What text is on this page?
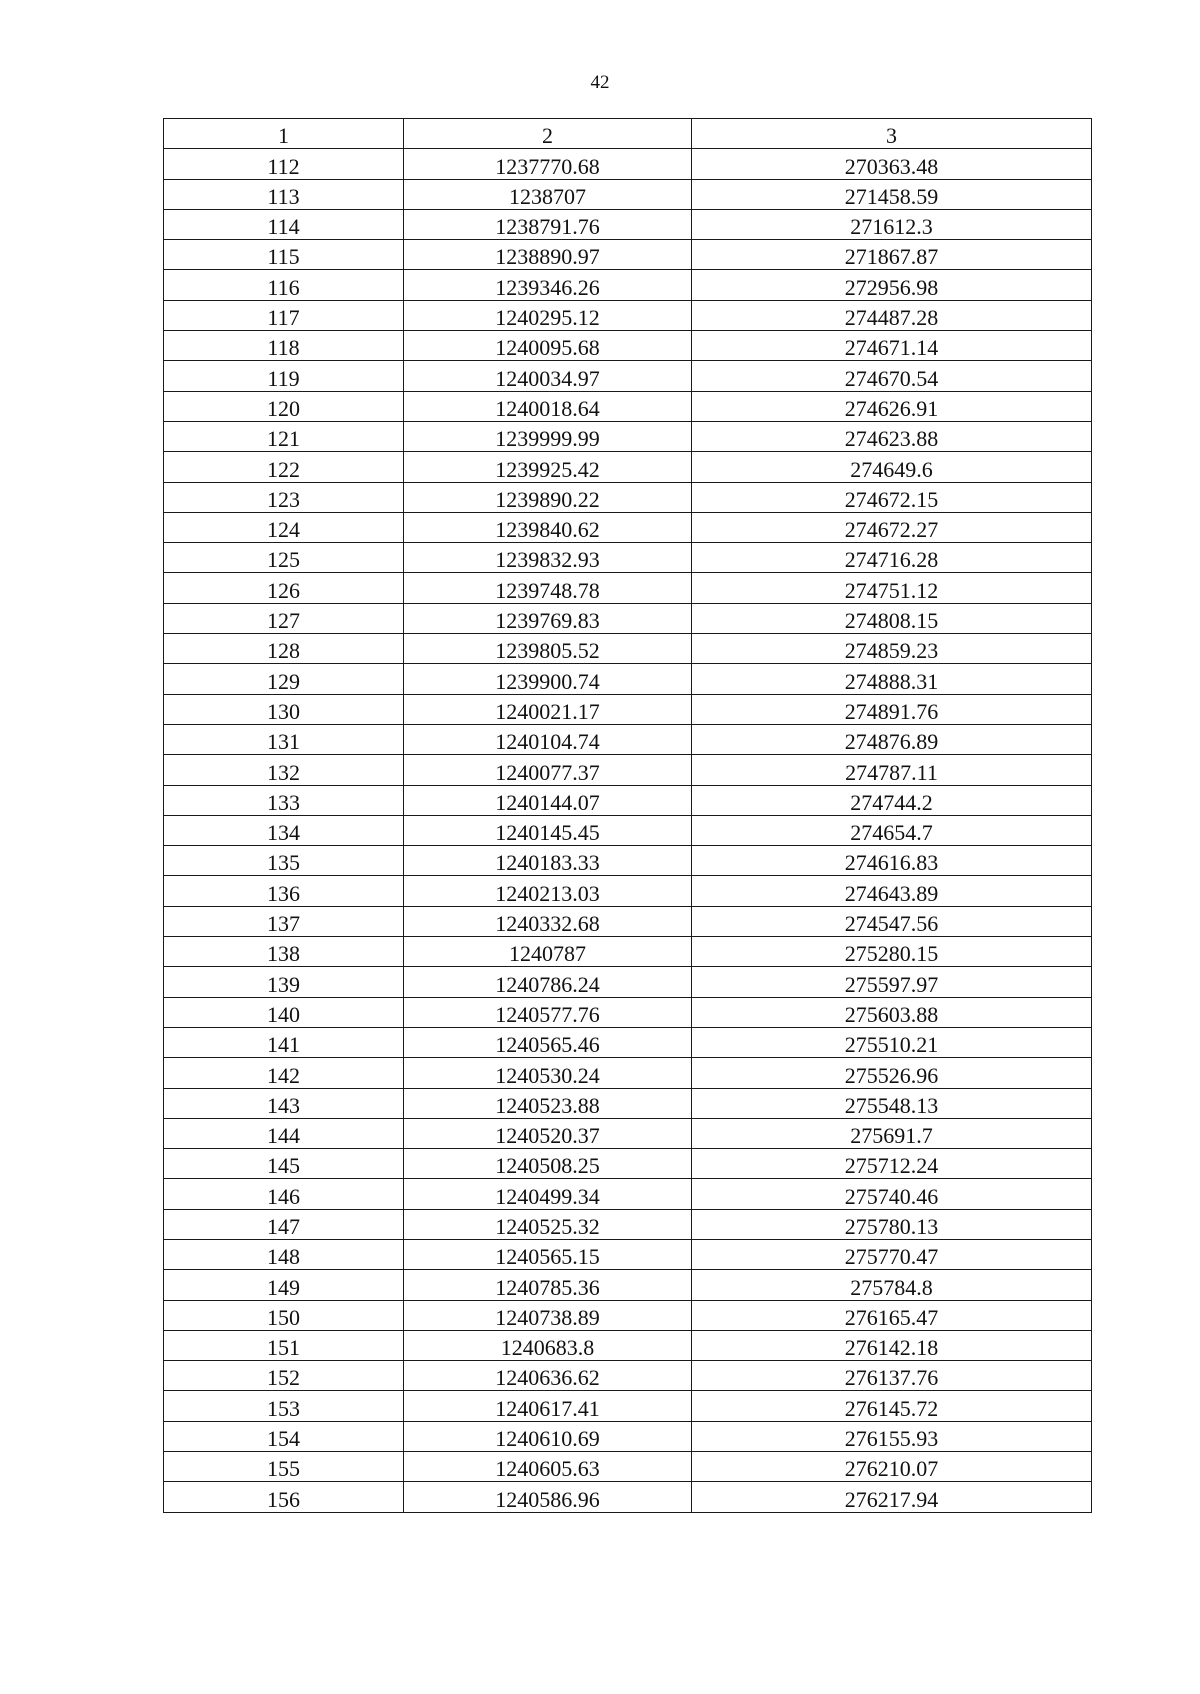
42
1	2	3
112	1237770.68	270363.48
113	1238707	271458.59
114	1238791.76	271612.3
115	1238890.97	271867.87
116	1239346.26	272956.98
117	1240295.12	274487.28
118	1240095.68	274671.14
119	1240034.97	274670.54
120	1240018.64	274626.91
121	1239999.99	274623.88
122	1239925.42	274649.6
123	1239890.22	274672.15
124	1239840.62	274672.27
125	1239832.93	274716.28
126	1239748.78	274751.12
127	1239769.83	274808.15
128	1239805.52	274859.23
129	1239900.74	274888.31
130	1240021.17	274891.76
131	1240104.74	274876.89
132	1240077.37	274787.11
133	1240144.07	274744.2
134	1240145.45	274654.7
135	1240183.33	274616.83
136	1240213.03	274643.89
137	1240332.68	274547.56
138	1240787	275280.15
139	1240786.24	275597.97
140	1240577.76	275603.88
141	1240565.46	275510.21
142	1240530.24	275526.96
143	1240523.88	275548.13
144	1240520.37	275691.7
145	1240508.25	275712.24
146	1240499.34	275740.46
147	1240525.32	275780.13
148	1240565.15	275770.47
149	1240785.36	275784.8
150	1240738.89	276165.47
151	1240683.8	276142.18
152	1240636.62	276137.76
153	1240617.41	276145.72
154	1240610.69	276155.93
155	1240605.63	276210.07
156	1240586.96	276217.94
